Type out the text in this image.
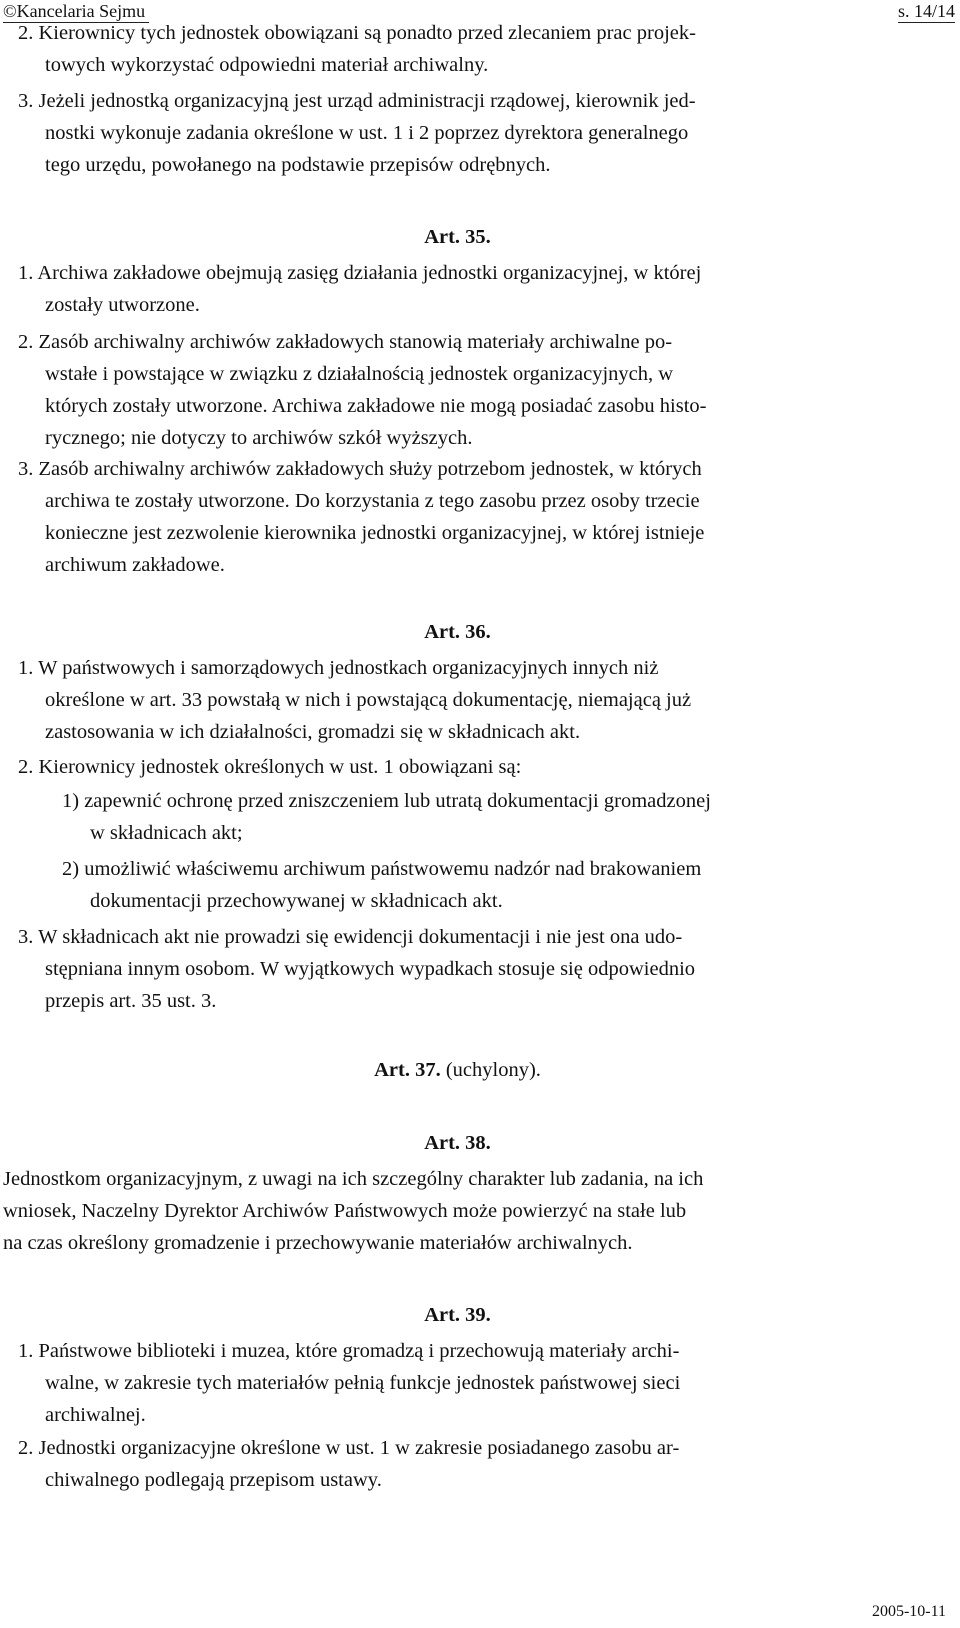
©Kancelaria Sejmu	s. 14/14
2. Kierownicy tych jednostek obowiązani są ponadto przed zlecaniem prac projek-
towych wykorzystać odpowiedni materiał archiwalny.
3. Jeżeli jednostką organizacyjną jest urząd administracji rządowej, kierownik jed-
nostki wykonuje zadania określone w ust. 1 i 2 poprzez dyrektora generalnego
tego urzędu, powołanego na podstawie przepisów odrębnych.
Art. 35.
1. Archiwa zakładowe obejmują zasięg działania jednostki organizacyjnej, w której
zostały utworzone.
2. Zasób archiwalny archiwów zakładowych stanowią materiały archiwalne po-
wstałe i powstające w związku z działalnością jednostek organizacyjnych, w
których zostały utworzone. Archiwa zakładowe nie mogą posiadać zasobu histo-
rycznego; nie dotyczy to archiwów szkół wyższych.
3. Zasób archiwalny archiwów zakładowych służy potrzebom jednostek, w których
archiwa te zostały utworzone. Do korzystania z tego zasobu przez osoby trzecie
konieczne jest zezwolenie kierownika jednostki organizacyjnej, w której istnieje
archiwum zakładowe.
Art. 36.
1. W państwowych i samorządowych jednostkach organizacyjnych innych niż
określone w art. 33 powstałą w nich i powstającą dokumentację, niemającą już
zastosowania w ich działalności, gromadzi się w składnicach akt.
2. Kierownicy jednostek określonych w ust. 1 obowiązani są:
1) zapewnić ochronę przed zniszczeniem lub utratą dokumentacji gromadzonej
w składnicach akt;
2) umożliwić właściwemu archiwum państwowemu nadzór nad brakowaniem
dokumentacji przechowywanej w składnicach akt.
3. W składnicach akt nie prowadzi się ewidencji dokumentacji i nie jest ona udo-
stępniana innym osobom. W wyjątkowych wypadkach stosuje się odpowiednio
przepis art. 35 ust. 3.
Art. 37. (uchylony).
Art. 38.
Jednostkom organizacyjnym, z uwagi na ich szczególny charakter lub zadania, na ich
wniosek, Naczelny Dyrektor Archiwów Państwowych może powierzyć na stałe lub
na czas określony gromadzenie i przechowywanie materiałów archiwalnych.
Art. 39.
1. Państwowe biblioteki i muzea, które gromadzą i przechowują materiały archi-
walne, w zakresie tych materiałów pełnią funkcje jednostek państwowej sieci
archiwalnej.
2. Jednostki organizacyjne określone w ust. 1 w zakresie posiadanego zasobu ar-
chiwalnego podlegają przepisom ustawy.
2005-10-11
